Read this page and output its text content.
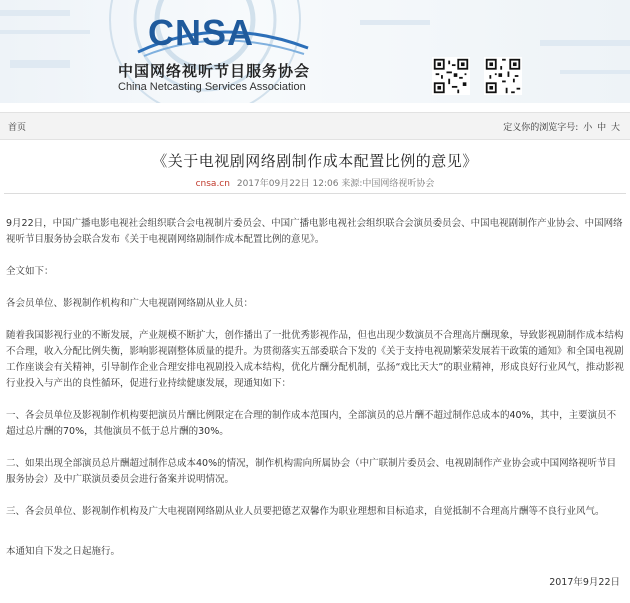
CNSA
中国网络视听节目服务协会
China Netcasting Services Association
首页	定义你的浏览字号: 小 中 大
《关于电视剧网络剧制作成本配置比例的意见》
cnsa.cn 2017年09月22日 12:06 来源:中国网络视听协会
9月22日，中国广播电影电视社会组织联合会电视制片委员会、中国广播电影电视社会组织联合会演员委员会、中国电视剧制作产业协会、中国网络视听节目服务协会联合发布《关于电视剧网络剧制作成本配置比例的意见》。
全文如下：
各会员单位、影视制作机构和广大电视剧网络剧从业人员：
随着我国影视行业的不断发展，产业规模不断扩大，创作播出了一批优秀影视作品，但也出现少数演员不合理高片酬现象，导致影视剧制作成本结构不合理，收入分配比例失衡，影响影视剧整体质量的提升。为贯彻落实五部委联合下发的《关于支持电视剧繁荣发展若干政策的通知》和全国电视剧工作座谈会有关精神，引导制作企业合理安排电视剧投入成本结构，优化片酬分配机制，弘扬“戏比天大”的职业精神，形成良好行业风气，推动影视行业投入与产出的良性循环，促进行业持续健康发展，现通知如下：
一、各会员单位及影视制作机构要把演员片酬比例限定在合理的制作成本范围内，全部演员的总片酬不超过制作总成本的40%，其中，主要演员不超过总片酬的70%，其他演员不低于总片酬的30%。
二、如果出现全部演员总片酬超过制作总成本40%的情况，制作机构需向所属协会（中广联制片委员会、电视剧制作产业协会或中国网络视听节目服务协会）及中广联演员委员会进行备案并说明情况。
三、各会员单位、影视制作机构及广大电视剧网络剧从业人员要把德艺双馨作为职业理想和目标追求，自觉抵制不合理高片酬等不良行业风气。
本通知自下发之日起施行。
2017年9月22日
